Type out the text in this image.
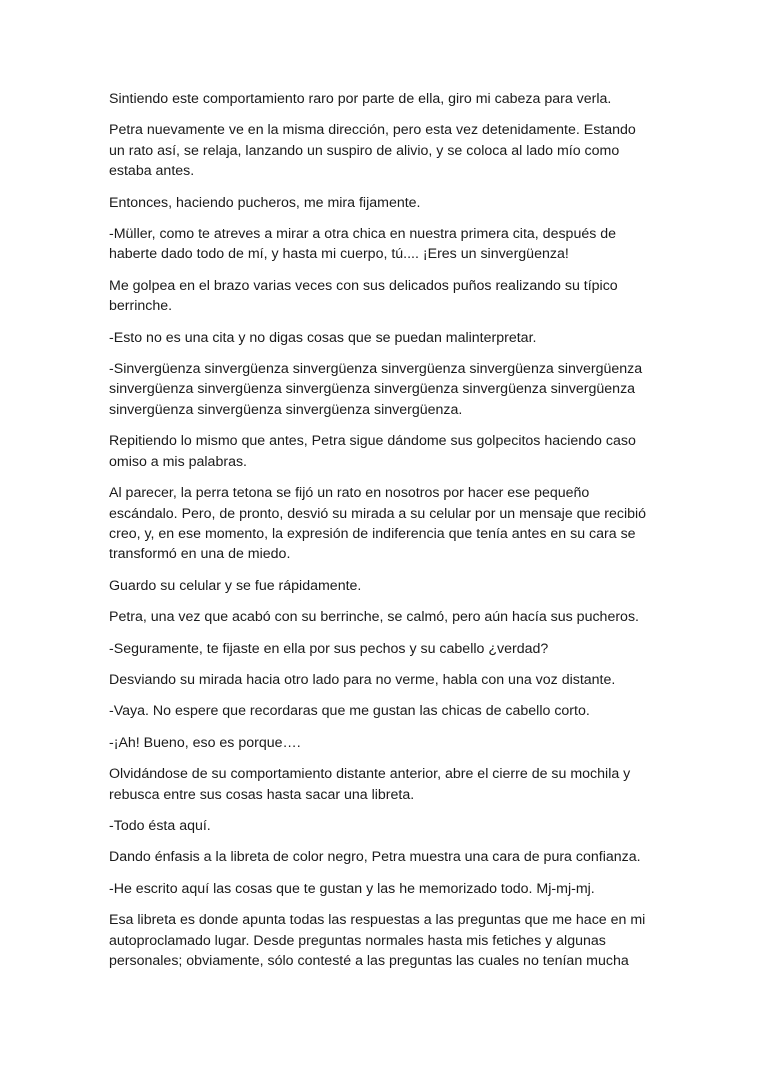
Sintiendo este comportamiento raro por parte de ella, giro mi cabeza para verla.

Petra nuevamente ve en la misma dirección, pero esta vez detenidamente. Estando un rato así, se relaja, lanzando un suspiro de alivio, y se coloca al lado mío como estaba antes.

Entonces, haciendo pucheros, me mira fijamente.

-Müller, como te atreves a mirar a otra chica en nuestra primera cita, después de haberte dado todo de mí, y hasta mi cuerpo, tú.... ¡Eres un sinvergüenza!

Me golpea en el brazo varias veces con sus delicados puños realizando su típico berrinche.

-Esto no es una cita y no digas cosas que se puedan malinterpretar.

-Sinvergüenza sinvergüenza sinvergüenza sinvergüenza sinvergüenza sinvergüenza sinvergüenza sinvergüenza sinvergüenza sinvergüenza sinvergüenza sinvergüenza sinvergüenza sinvergüenza sinvergüenza sinvergüenza.

Repitiendo lo mismo que antes, Petra sigue dándome sus golpecitos haciendo caso omiso a mis palabras.

Al parecer, la perra tetona se fijó un rato en nosotros por hacer ese pequeño escándalo. Pero, de pronto, desvió su mirada a su celular por un mensaje que recibió creo, y, en ese momento, la expresión de indiferencia que tenía antes en su cara se transformó en una de miedo.

Guardo su celular y se fue rápidamente.

Petra, una vez que acabó con su berrinche, se calmó, pero aún hacía sus pucheros.

-Seguramente, te fijaste en ella por sus pechos y su cabello ¿verdad?

Desviando su mirada hacia otro lado para no verme, habla con una voz distante.

-Vaya. No espere que recordaras que me gustan las chicas de cabello corto.

-¡Ah! Bueno, eso es porque….

Olvidándose de su comportamiento distante anterior, abre el cierre de su mochila y rebusca entre sus cosas hasta sacar una libreta.

-Todo ésta aquí.

Dando énfasis a la libreta de color negro, Petra muestra una cara de pura confianza.

-He escrito aquí las cosas que te gustan y las he memorizado todo. Mj-mj-mj.

Esa libreta es donde apunta todas las respuestas a las preguntas que me hace en mi autoproclamado lugar. Desde preguntas normales hasta mis fetiches y algunas personales; obviamente, sólo contesté a las preguntas las cuales no tenían mucha
